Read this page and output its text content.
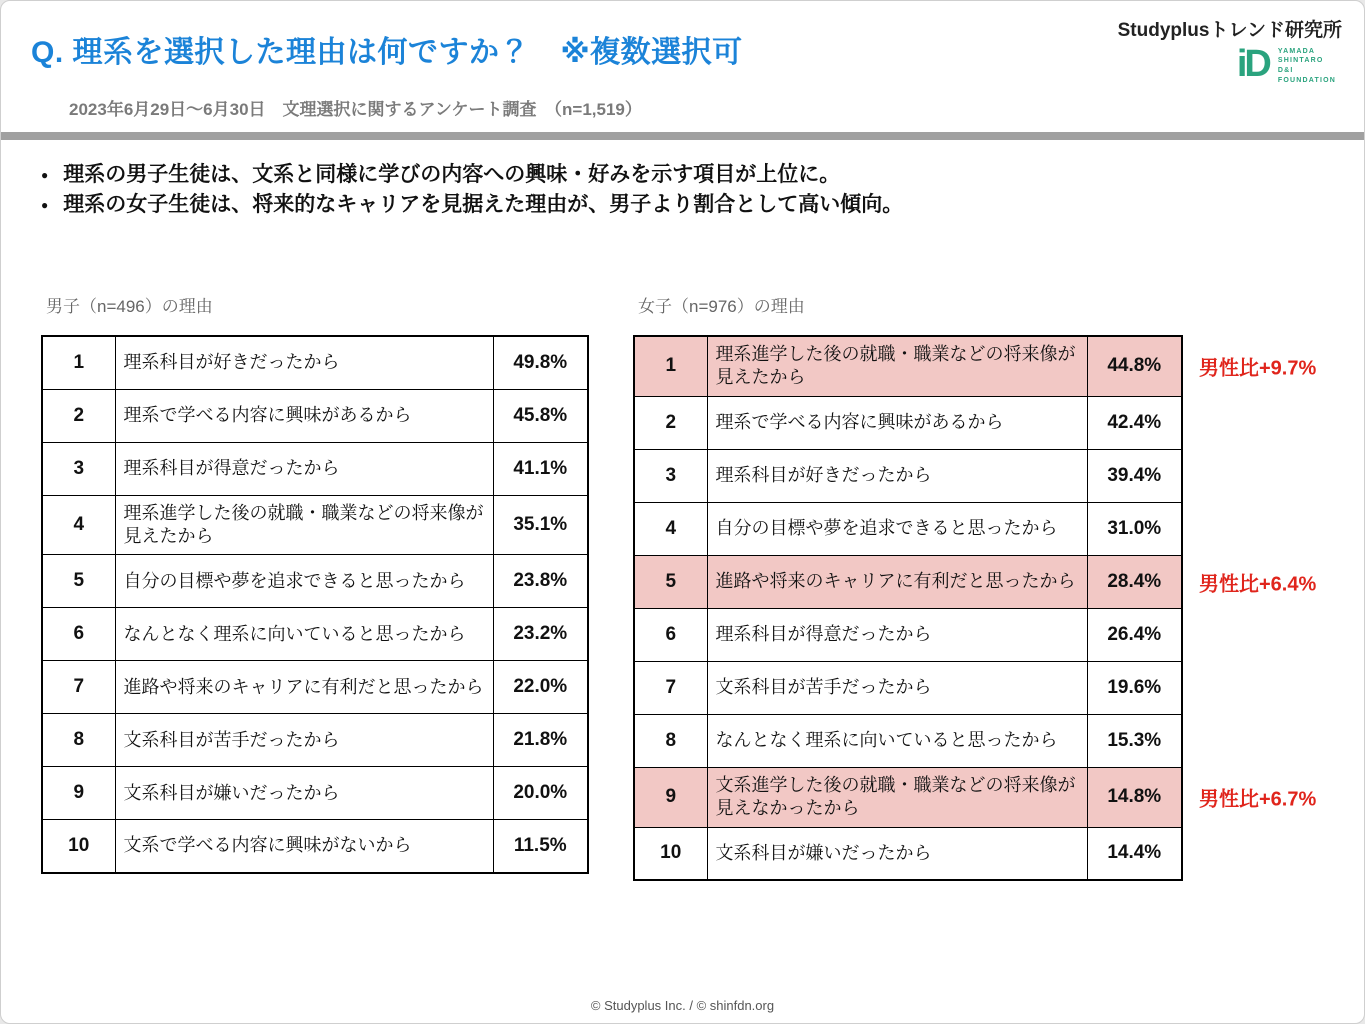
Q. 理系を選択した理由は何ですか？　※複数選択可
2023年6月29日〜6月30日　文理選択に関するアンケート調査　（n=1,519）
Studyplusトレンド研究所
iD YAMADA
SHINTARO
D&I
FOUNDATION
● 理系の男子生徒は、文系と同様に学びの内容への興味・好みを示す項目が上位に。
● 理系の女子生徒は、将来的なキャリアを見据えた理由が、男子より割合として高い傾向。
男子（n=496）の理由	女子（n=976）の理由
1	理系科目が好きだったから	49.8%
2	理系で学べる内容に興味があるから	45.8%
3	理系科目が得意だったから	41.1%
4	理系進学した後の就職・職業などの将来像が見えたから	35.1%
5	自分の目標や夢を追求できると思ったから	23.8%
6	なんとなく理系に向いていると思ったから	23.2%
7	進路や将来のキャリアに有利だと思ったから	22.0%
8	文系科目が苦手だったから	21.8%
9	文系科目が嫌いだったから	20.0%
10	文系で学べる内容に興味がないから	11.5%
1	理系進学した後の就職・職業などの将来像が見えたから	44.8% 男性比+9.7%

2	理系で学べる内容に興味があるから	42.4%
3	理系科目が好きだったから	39.4%
4	自分の目標や夢を追求できると思ったから	31.0%
5	進路や将来のキャリアに有利だと思ったから	28.4% 男性比+6.4%

6	理系科目が得意だったから	26.4%
7	文系科目が苦手だったから	19.6%
8	なんとなく理系に向いていると思ったから	15.3%
9	文系進学した後の就職・職業などの将来像が見えなかったから	14.8% 男性比+6.7%

10	文系科目が嫌いだったから	14.4%
© Studyplus Inc. / © shinfdn.org
